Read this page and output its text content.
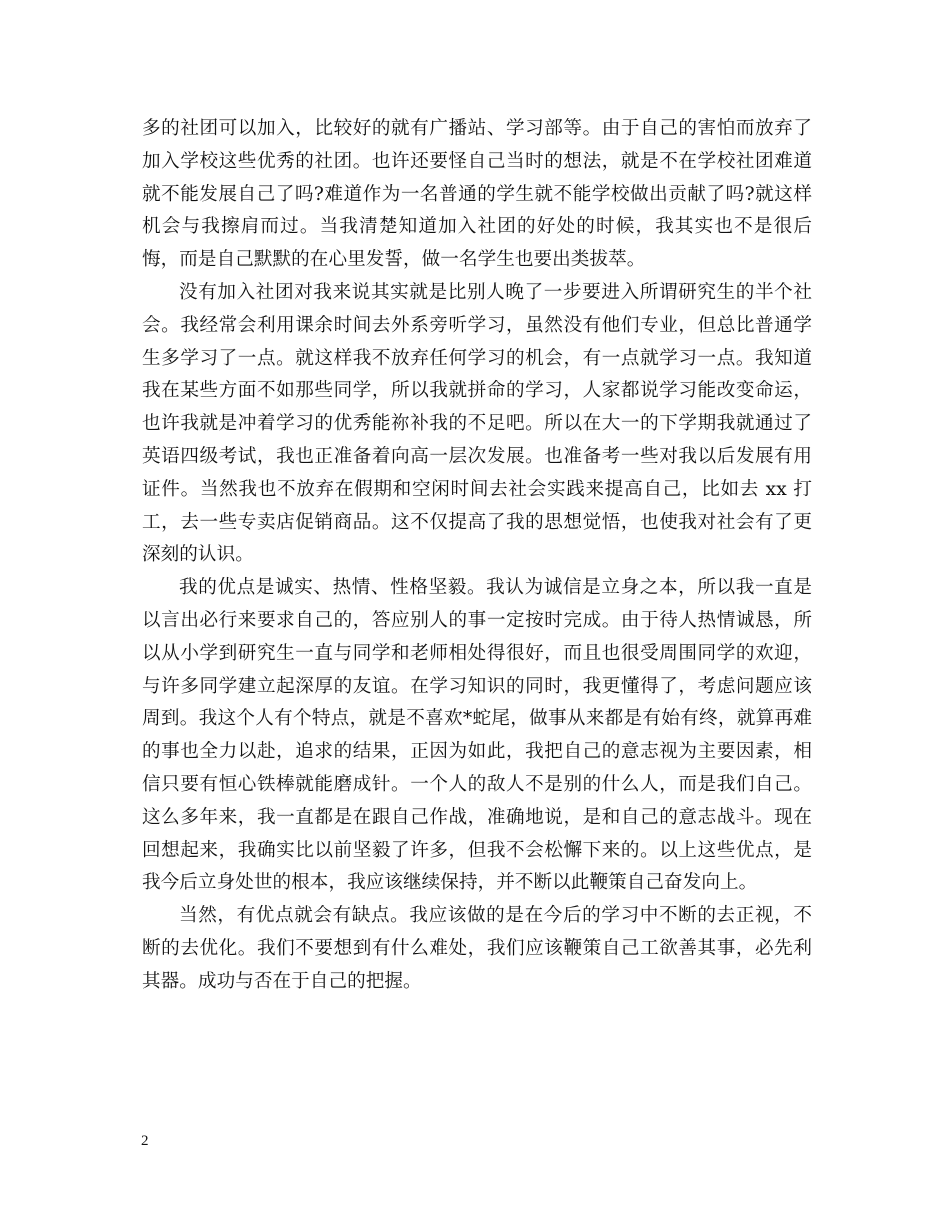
多的社团可以加入，比较好的就有广播站、学习部等。由于自己的害怕而放弃了加入学校这些优秀的社团。也许还要怪自己当时的想法，就是不在学校社团难道就不能发展自己了吗?难道作为一名普通的学生就不能学校做出贡献了吗?就这样机会与我擦肩而过。当我清楚知道加入社团的好处的时候，我其实也不是很后悔，而是自己默默的在心里发誓，做一名学生也要出类拔萃。

没有加入社团对我来说其实就是比别人晚了一步要进入所谓研究生的半个社会。我经常会利用课余时间去外系旁听学习，虽然没有他们专业，但总比普通学生多学习了一点。就这样我不放弃任何学习的机会，有一点就学习一点。我知道我在某些方面不如那些同学，所以我就拼命的学习，人家都说学习能改变命运，也许我就是冲着学习的优秀能祢补我的不足吧。所以在大一的下学期我就通过了英语四级考试，我也正准备着向高一层次发展。也准备考一些对我以后发展有用证件。当然我也不放弃在假期和空闲时间去社会实践来提高自己，比如去 xx 打工，去一些专卖店促销商品。这不仅提高了我的思想觉悟，也使我对社会有了更深刻的认识。

我的优点是诚实、热情、性格坚毅。我认为诚信是立身之本，所以我一直是以言出必行来要求自己的，答应别人的事一定按时完成。由于待人热情诚恳，所以从小学到研究生一直与同学和老师相处得很好，而且也很受周围同学的欢迎，与许多同学建立起深厚的友谊。在学习知识的同时，我更懂得了，考虑问题应该周到。我这个人有个特点，就是不喜欢*蛇尾，做事从来都是有始有终，就算再难的事也全力以赴，追求的结果，正因为如此，我把自己的意志视为主要因素，相信只要有恒心铁棒就能磨成针。一个人的敌人不是别的什么人，而是我们自己。这么多年来，我一直都是在跟自己作战，准确地说，是和自己的意志战斗。现在回想起来，我确实比以前坚毅了许多，但我不会松懈下来的。以上这些优点，是我今后立身处世的根本，我应该继续保持，并不断以此鞭策自己奋发向上。

当然，有优点就会有缺点。我应该做的是在今后的学习中不断的去正视，不断的去优化。我们不要想到有什么难处，我们应该鞭策自己工欲善其事，必先利其器。成功与否在于自己的把握。

2
